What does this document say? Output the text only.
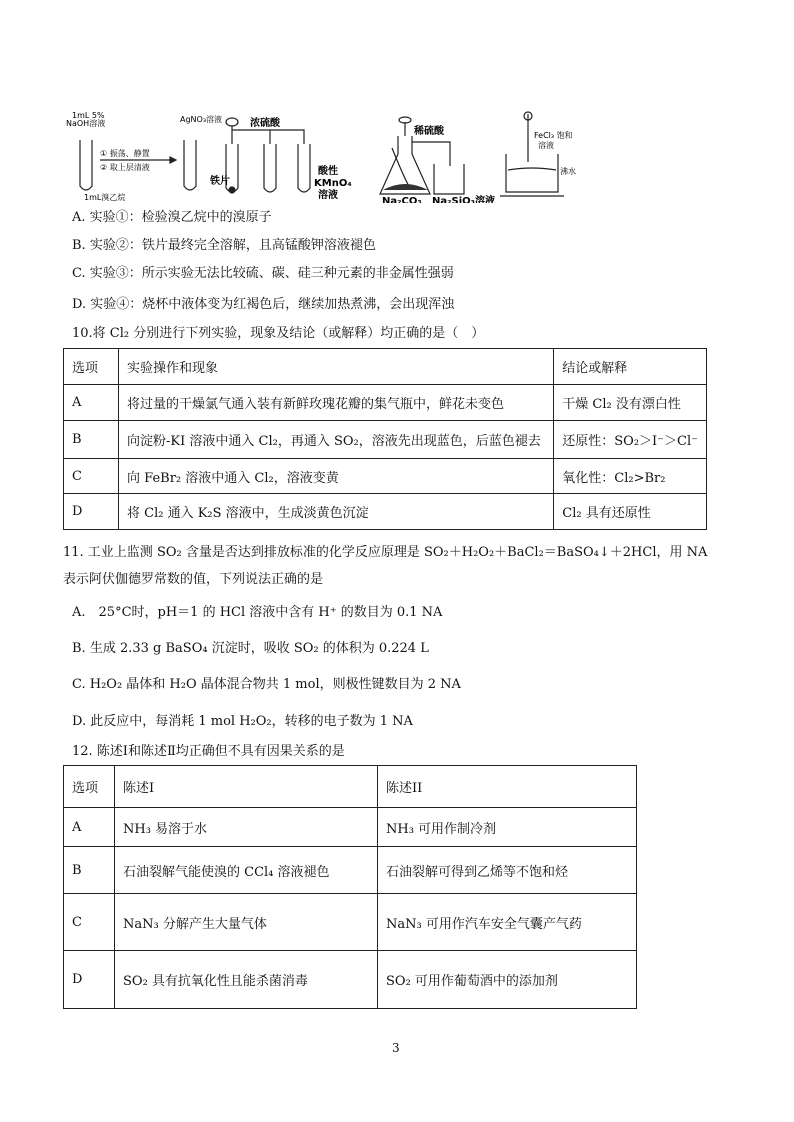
1mL 5%
NaOH溶液	AgNO₃溶液
① 振荡、静置
② 取上层清液
1mL溴乙烷
浓硫酸
铁片
酸性
KMnO₄
溶液
稀硫酸
Na₂CO₃ Na₂SiO₃溶液
FeCl₃ 饱和
溶液
沸水
A. 实验①：检验溴乙烷中的溴原子
B. 实验②：铁片最终完全溶解，且高锰酸钾溶液褪色
C. 实验③：所示实验无法比较硫、碳、硅三种元素的非金属性强弱
D. 实验④：烧杯中液体变为红褐色后，继续加热煮沸，会出现浑浊
10.将 Cl₂ 分别进行下列实验，现象及结论（或解释）均正确的是（　）
选项	实验操作和现象	结论或解释
A	将过量的干燥氯气通入装有新鲜玫瑰花瓣的集气瓶中，鲜花未变色	干燥 Cl₂ 没有漂白性
B	向淀粉-KI 溶液中通入 Cl₂，再通入 SO₂，溶液先出现蓝色，后蓝色褪去	还原性：SO₂＞I⁻＞Cl⁻
C	向 FeBr₂ 溶液中通入 Cl₂，溶液变黄	氧化性：Cl₂>Br₂
D	将 Cl₂ 通入 K₂S 溶液中，生成淡黄色沉淀	Cl₂ 具有还原性
11. 工业上监测 SO₂ 含量是否达到排放标准的化学反应原理是 SO₂＋H₂O₂＋BaCl₂＝BaSO₄↓＋2HCl，用 NA
表示阿伏伽德罗常数的值，下列说法正确的是
A.　25°C时，pH＝1 的 HCl 溶液中含有 H⁺ 的数目为 0.1 NA
B. 生成 2.33 g BaSO₄ 沉淀时，吸收 SO₂ 的体积为 0.224 L
C. H₂O₂ 晶体和 H₂O 晶体混合物共 1 mol，则极性键数目为 2 NA
D. 此反应中，每消耗 1 mol H₂O₂，转移的电子数为 1 NA
12. 陈述Ⅰ和陈述Ⅱ均正确但不具有因果关系的是
选项	陈述I	陈述II
A	NH₃ 易溶于水	NH₃ 可用作制冷剂
B	石油裂解气能使溴的 CCl₄ 溶液褪色	石油裂解可得到乙烯等不饱和烃
C	NaN₃ 分解产生大量气体	NaN₃ 可用作汽车安全气囊产气药
D	SO₂ 具有抗氧化性且能杀菌消毒	SO₂ 可用作葡萄酒中的添加剂
3
